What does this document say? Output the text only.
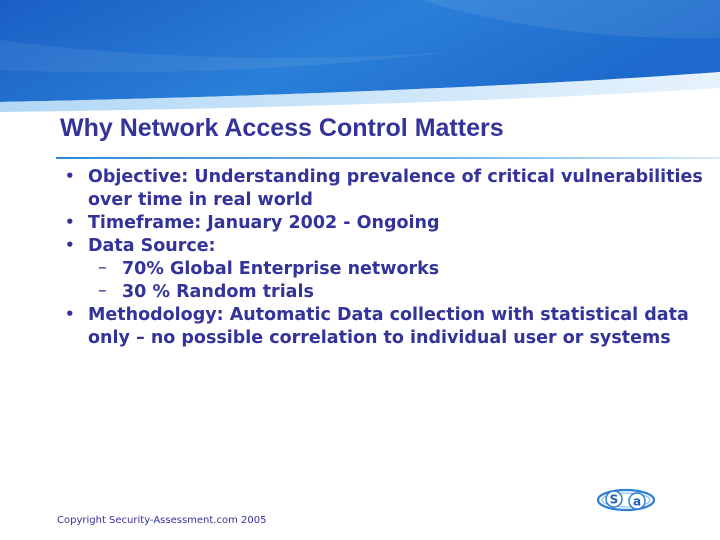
Why Network Access Control Matters
• Objective: Understanding prevalence of critical vulnerabilities over time in real world
• Timeframe: January 2002 - Ongoing
• Data Source:
– 70% Global Enterprise networks
– 30 % Random trials
• Methodology: Automatic Data collection with statistical data only – no possible correlation to individual user or systems
Copyright Security-Assessment.com 2005
S a
